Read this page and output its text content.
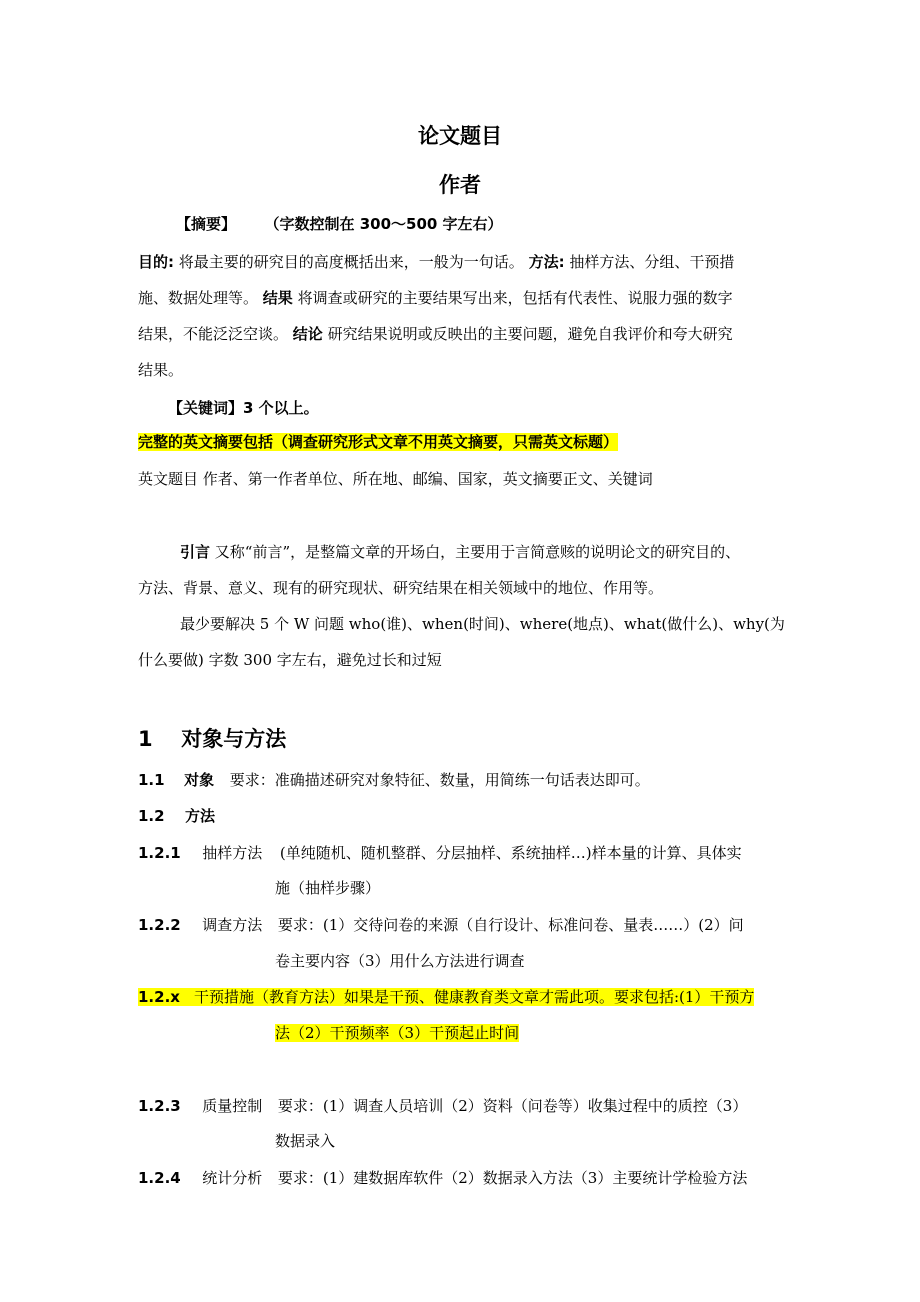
论文题目
作者
【摘要】 （字数控制在 300～500 字左右）
目的: 将最主要的研究目的高度概括出来，一般为一句话。 方法: 抽样方法、分组、干预措
施、数据处理等。 结果 将调查或研究的主要结果写出来，包括有代表性、说服力强的数字
结果，不能泛泛空谈。 结论 研究结果说明或反映出的主要问题，避免自我评价和夸大研究
结果。
【关键词】3 个以上。
完整的英文摘要包括（调查研究形式文章不用英文摘要，只需英文标题）
英文题目 作者、第一作者单位、所在地、邮编、国家，英文摘要正文、关键词
引言 又称“前言”，是整篇文章的开场白，主要用于言简意赅的说明论文的研究目的、
方法、背景、意义、现有的研究现状、研究结果在相关领域中的地位、作用等。
最少要解决 5 个 W 问题 who(谁)、when(时间)、where(地点)、what(做什么)、why(为
什么要做) 字数 300 字左右，避免过长和过短
1 对象与方法
1.1 对象 要求：准确描述研究对象特征、数量，用简练一句话表达即可。
1.2 方法
1.2.1 抽样方法 (单纯随机、随机整群、分层抽样、系统抽样…)样本量的计算、具体实
施（抽样步骤）
1.2.2 调查方法 要求：(1）交待问卷的来源（自行设计、标准问卷、量表……）(2）问
卷主要内容（3）用什么方法进行调查
1.2.x 干预措施（教育方法）如果是干预、健康教育类文章才需此项。要求包括:(1）干预方
法（2）干预频率（3）干预起止时间
1.2.3 质量控制 要求：(1）调查人员培训（2）资料（问卷等）收集过程中的质控（3）
数据录入
1.2.4 统计分析 要求：(1）建数据库软件（2）数据录入方法（3）主要统计学检验方法
